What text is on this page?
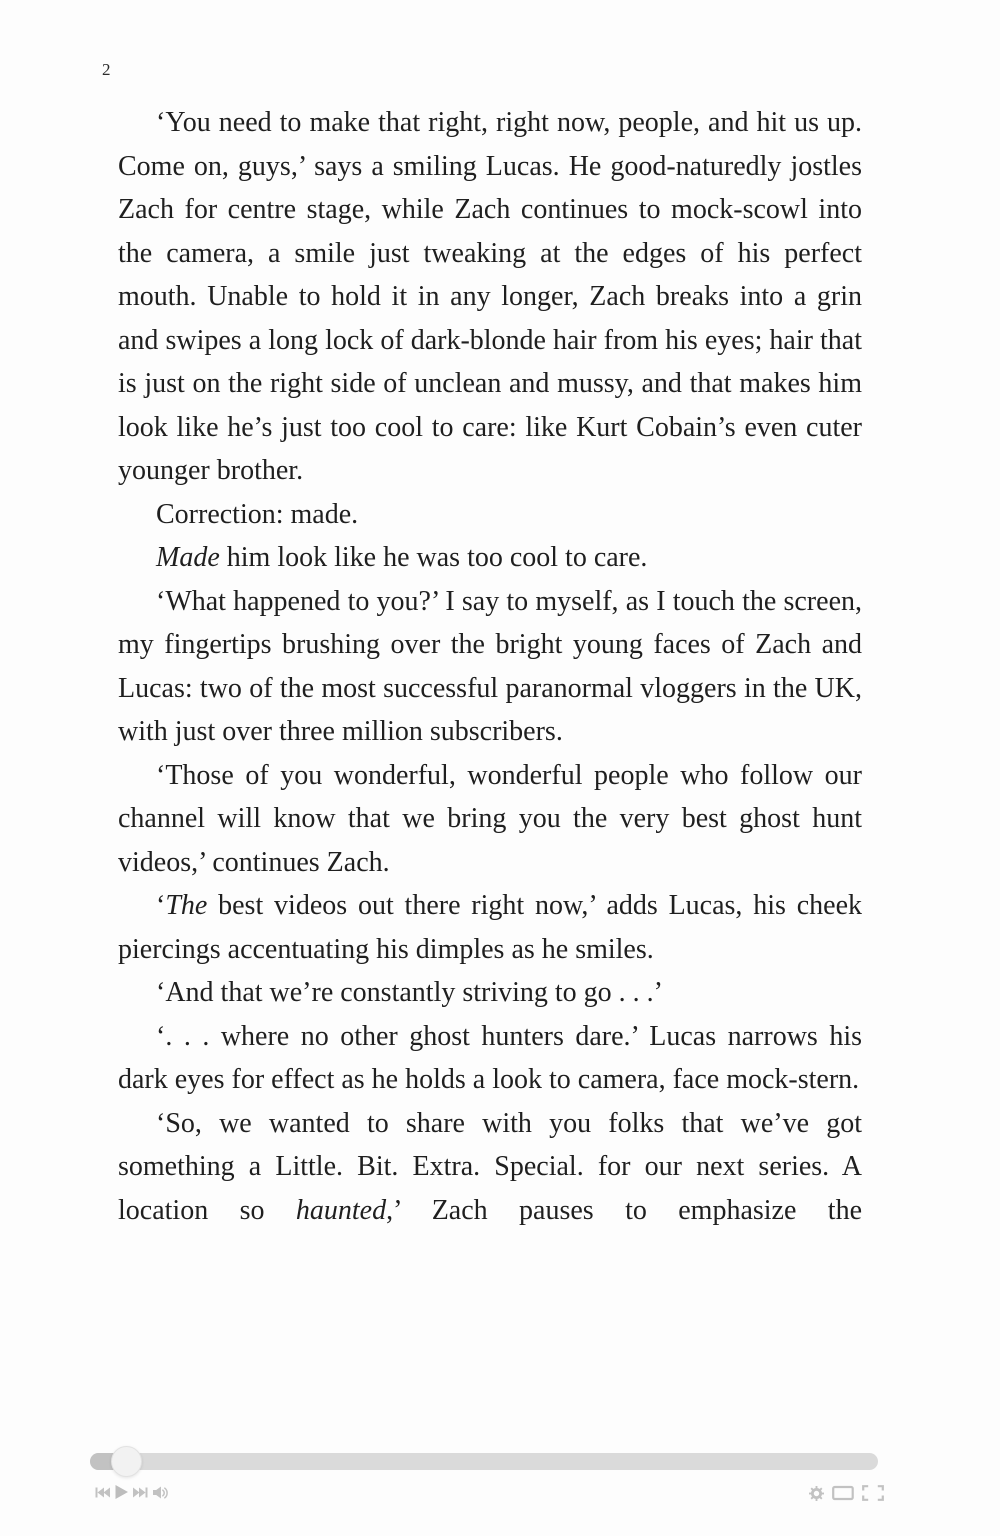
2

‘You need to make that right, right now, people, and hit us up. Come on, guys,’ says a smiling Lucas. He good-naturedly jostles Zach for centre stage, while Zach continues to mock-scowl into the camera, a smile just tweaking at the edges of his perfect mouth. Unable to hold it in any longer, Zach breaks into a grin and swipes a long lock of dark-blonde hair from his eyes; hair that is just on the right side of unclean and mussy, and that makes him look like he’s just too cool to care: like Kurt Cobain’s even cuter younger brother.

Correction: made.

Made him look like he was too cool to care.

‘What happened to you?’ I say to myself, as I touch the screen, my fingertips brushing over the bright young faces of Zach and Lucas: two of the most successful paranormal vloggers in the UK, with just over three million subscribers.

‘Those of you wonderful, wonderful people who follow our channel will know that we bring you the very best ghost hunt videos,’ continues Zach.

‘The best videos out there right now,’ adds Lucas, his cheek piercings accentuating his dimples as he smiles.

‘And that we’re constantly striving to go . . .’

‘. . . where no other ghost hunters dare.’ Lucas narrows his dark eyes for effect as he holds a look to camera, face mock-stern.

‘So, we wanted to share with you folks that we’ve got something a Little. Bit. Extra. Special. for our next series. A location so haunted,’ Zach pauses to emphasize the
